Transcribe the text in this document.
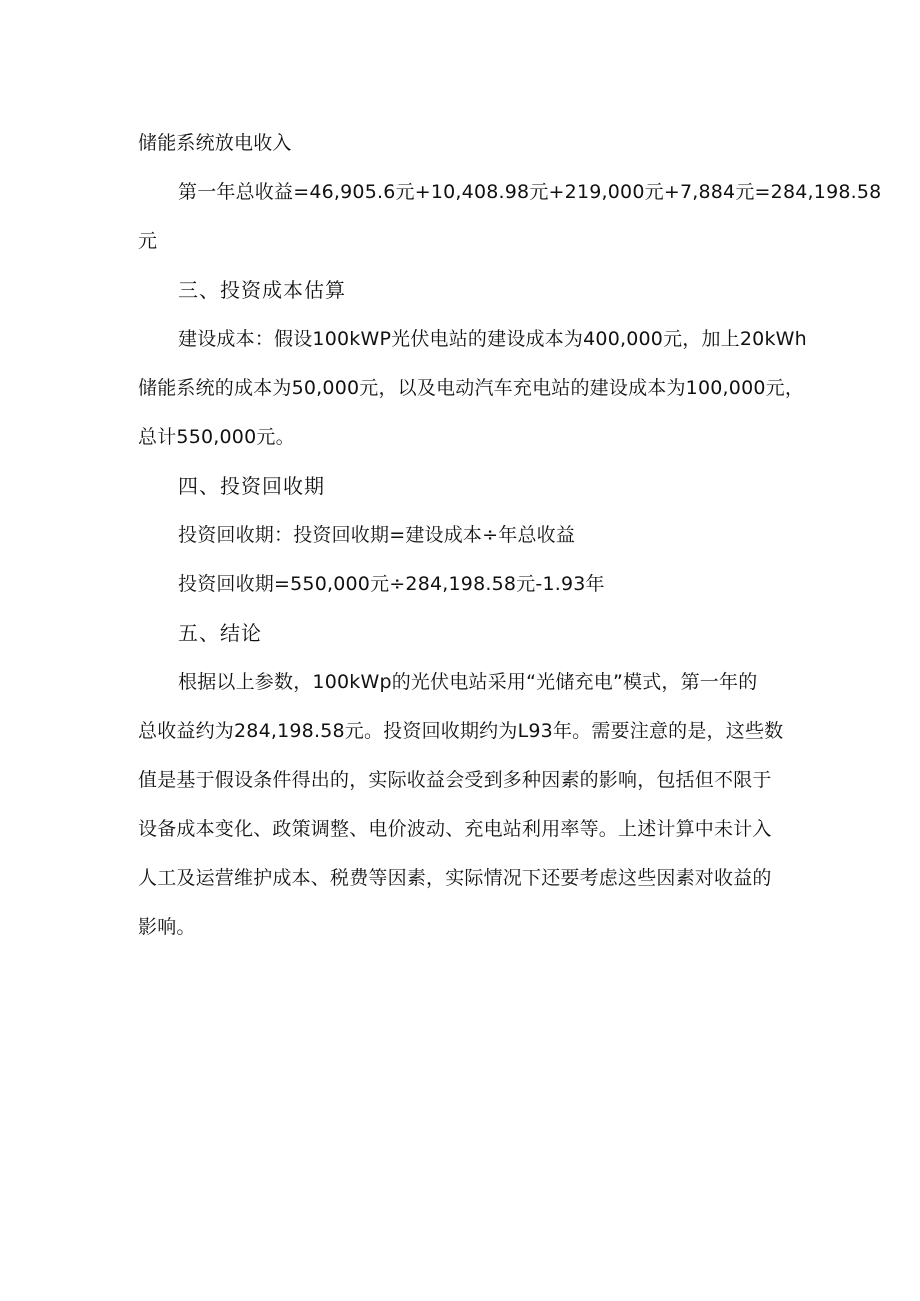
储能系统放电收入
第一年总收益=46,905.6元+10,408.98元+219,000元+7,884元=284,198.58
元
三、投资成本估算
建设成本：假设100kWP光伏电站的建设成本为400,000元，加上20kWh
储能系统的成本为50,000元，以及电动汽车充电站的建设成本为100,000元，
总计550,000元。
四、投资回收期
投资回收期：投资回收期=建设成本÷年总收益
投资回收期=550,000元÷284,198.58元-1.93年
五、结论
根据以上参数，100kWp的光伏电站采用“光储充电”模式，第一年的
总收益约为284,198.58元。投资回收期约为L93年。需要注意的是，这些数
值是基于假设条件得出的，实际收益会受到多种因素的影响，包括但不限于
设备成本变化、政策调整、电价波动、充电站利用率等。上述计算中未计入
人工及运营维护成本、税费等因素，实际情况下还要考虑这些因素对收益的
影响。
